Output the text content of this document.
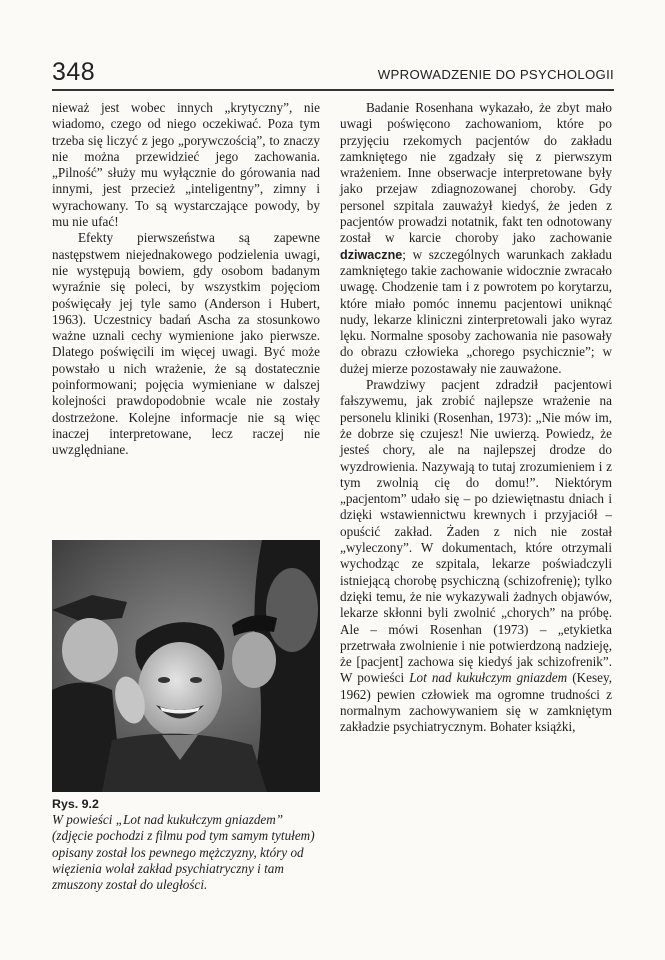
348	WPROWADZENIE DO PSYCHOLOGII

nieważ jest wobec innych „krytyczny”, nie wiadomo, czego od niego oczekiwać. Poza tym trzeba się liczyć z jego „porywczością”, to znaczy nie można przewidzieć jego zachowania. „Pilność” służy mu wyłącznie do górowania nad innymi, jest przecież „inteligentny”, zimny i wyrachowany. To są wystarczające powody, by mu nie ufać!

Efekty pierwszeństwa są zapewne następstwem niejednakowego podzielenia uwagi, nie występują bowiem, gdy osobom badanym wyraźnie się poleci, by wszystkim pojęciom poświęcały jej tyle samo (Anderson i Hubert, 1963). Uczestnicy badań Ascha za stosunkowo ważne uznali cechy wymienione jako pierwsze. Dlatego poświęcili im więcej uwagi. Być może powstało u nich wrażenie, że są dostatecznie poinformowani; pojęcia wymieniane w dalszej kolejności prawdopodobnie wcale nie zostały dostrzeżone. Kolejne informacje nie są więc inaczej interpretowane, lecz raczej nie uwzględniane.

Rys. 9.2
W powieści „Lot nad kukułczym gniazdem” (zdjęcie pochodzi z filmu pod tym samym tytułem) opisany został los pewnego mężczyzny, który od więzienia wolał zakład psychiatryczny i tam zmuszony został do uległości.

Badanie Rosenhana wykazało, że zbyt mało uwagi poświęcono zachowaniom, które po przyjęciu rzekomych pacjentów do zakładu zamkniętego nie zgadzały się z pierwszym wrażeniem. Inne obserwacje interpretowane były jako przejaw zdiagnozowanej choroby. Gdy personel szpitala zauważył kiedyś, że jeden z pacjentów prowadzi notatnik, fakt ten odnotowany został w karcie choroby jako zachowanie dziwaczne; w szczególnych warunkach zakładu zamkniętego takie zachowanie widocznie zwracało uwagę. Chodzenie tam i z powrotem po korytarzu, które miało pomóc innemu pacjentowi uniknąć nudy, lekarze kliniczni zinterpretowali jako wyraz lęku. Normalne sposoby zachowania nie pasowały do obrazu człowieka „chorego psychicznie”; w dużej mierze pozostawały nie zauważone.

Prawdziwy pacjent zdradził pacjentowi fałszywemu, jak zrobić najlepsze wrażenie na personelu kliniki (Rosenhan, 1973): „Nie mów im, że dobrze się czujesz! Nie uwierzą. Powiedz, że jesteś chory, ale na najlepszej drodze do wyzdrowienia. Nazywają to tutaj zrozumieniem i z tym zwolnią cię do domu!”. Niektórym „pacjentom” udało się – po dziewiętnastu dniach i dzięki wstawiennictwu krewnych i przyjaciół – opuścić zakład. Żaden z nich nie został „wyleczony”. W dokumentach, które otrzymali wychodząc ze szpitala, lekarze poświadczyli istniejącą chorobę psychiczną (schizofrenię); tylko dzięki temu, że nie wykazywali żadnych objawów, lekarze skłonni byli zwolnić „chorych” na próbę. Ale – mówi Rosenhan (1973) – „etykietka przetrwała zwolnienie i nie potwierdzoną nadzieję, że [pacjent] zachowa się kiedyś jak schizofrenik”. W powieści Lot nad kukułczym gniazdem (Kesey, 1962) pewien człowiek ma ogromne trudności z normalnym zachowywaniem się w zamkniętym zakładzie psychiatrycznym. Bohater książki,
